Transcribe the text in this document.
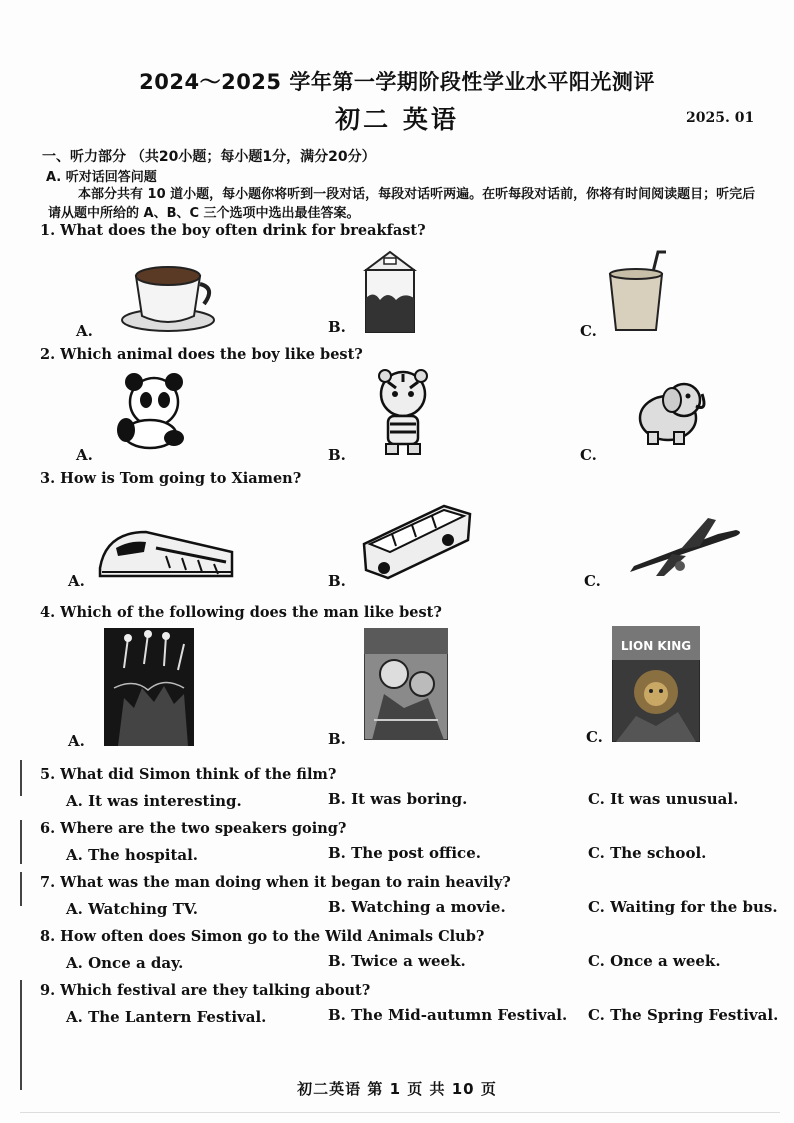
2024～2025 学年第一学期阶段性学业水平阳光测评
初二 英语	2025. 01
一、听力部分 （共20小题；每小题1分，满分20分）
A. 听对话回答问题
本部分共有 10 道小题，每小题你将听到一段对话，每段对话听两遍。在听每段对话前，你将有时间阅读题目；听完后请从题中所给的 A、B、C 三个选项中选出最佳答案。
1. What does the boy often drink for breakfast?
A.	B.	C.
2. Which animal does the boy like best?
A.	B.	C.
3. How is Tom going to Xiamen?
A.	B.	C.
4. Which of the following does the man like best?
A.	B.
LION KING
C.
5. What did Simon think of the film?
A. It was interesting.	B. It was boring.	C. It was unusual.
6. Where are the two speakers going?
A. The hospital.	B. The post office.	C. The school.
7. What was the man doing when it began to rain heavily?
A. Watching TV.	B. Watching a movie.	C. Waiting for the bus.
8. How often does Simon go to the Wild Animals Club?
A. Once a day.	B. Twice a week.	C. Once a week.
9. Which festival are they talking about?
A. The Lantern Festival.	B. The Mid-autumn Festival. C. The Spring Festival.
初二英语 第 1 页 共 10 页
